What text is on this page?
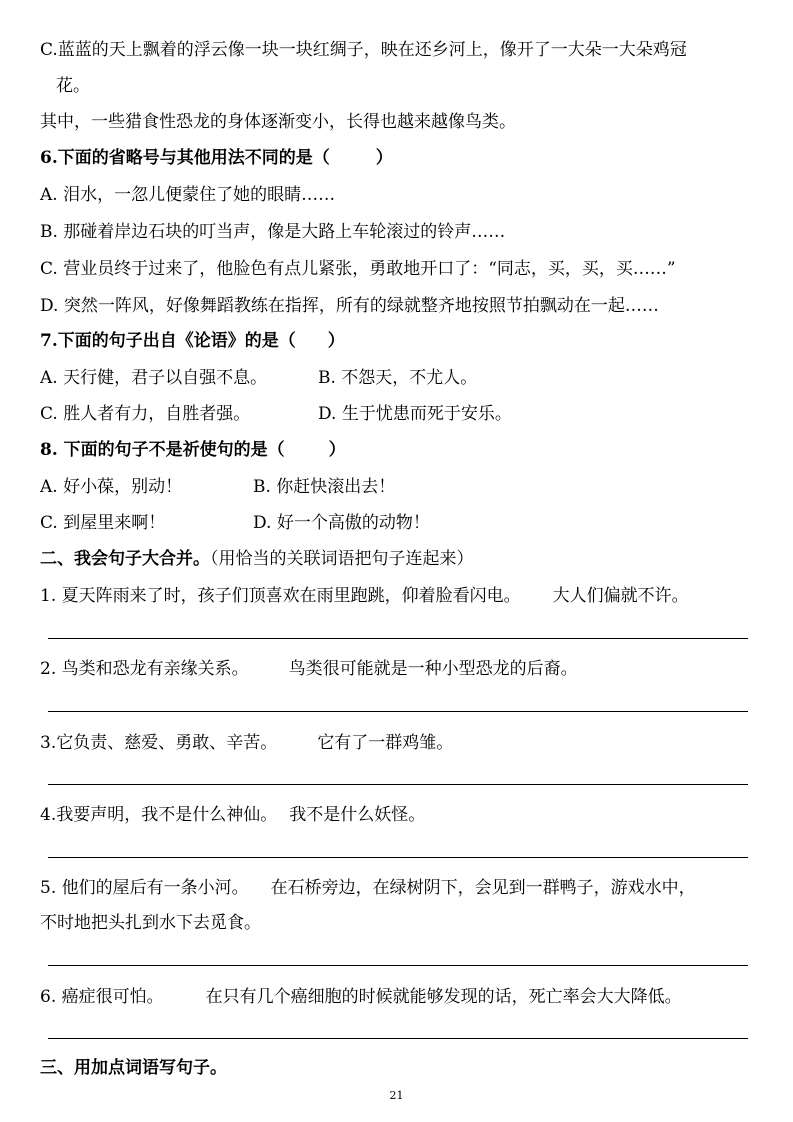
C.蓝蓝的天上飘着的浮云像一块一块红绸子，映在还乡河上，像开了一大朵一大朵鸡冠
花。
其中，一些猎食性恐龙的身体逐渐变小，长得也越来越像鸟类。
6.下面的省略号与其他用法不同的是（	）
A. 泪水，一忽儿便蒙住了她的眼睛……
B. 那碰着岸边石块的叮当声，像是大路上车轮滚过的铃声……
C. 营业员终于过来了，他脸色有点儿紧张，勇敢地开口了：“同志，买，买，买……”
D. 突然一阵风，好像舞蹈教练在指挥，所有的绿就整齐地按照节拍飘动在一起……
7.下面的句子出自《论语》的是（ ）
A. 天行健，君子以自强不息。	B. 不怨天，不尤人。
C. 胜人者有力，自胜者强。	D. 生于忧患而死于安乐。
8. 下面的句子不是祈使句的是（	）
A. 好小葆，别动！	B. 你赶快滚出去！
C. 到屋里来啊！	D. 好一个高傲的动物！
二、我会句子大合并。（用恰当的关联词语把句子连起来）
1. 夏天阵雨来了时，孩子们顶喜欢在雨里跑跳，仰着脸看闪电。 大人们偏就不许。
2. 鸟类和恐龙有亲缘关系。 鸟类很可能就是一种小型恐龙的后裔。
3.它负责、慈爱、勇敢、辛苦。 它有了一群鸡雏。
4.我要声明，我不是什么神仙。 我不是什么妖怪。
5. 他们的屋后有一条小河。 在石桥旁边，在绿树阴下，会见到一群鸭子，游戏水中，
不时地把头扎到水下去觅食。
6. 癌症很可怕。 在只有几个癌细胞的时候就能够发现的话，死亡率会大大降低。
三、用加点词语写句子。
21
